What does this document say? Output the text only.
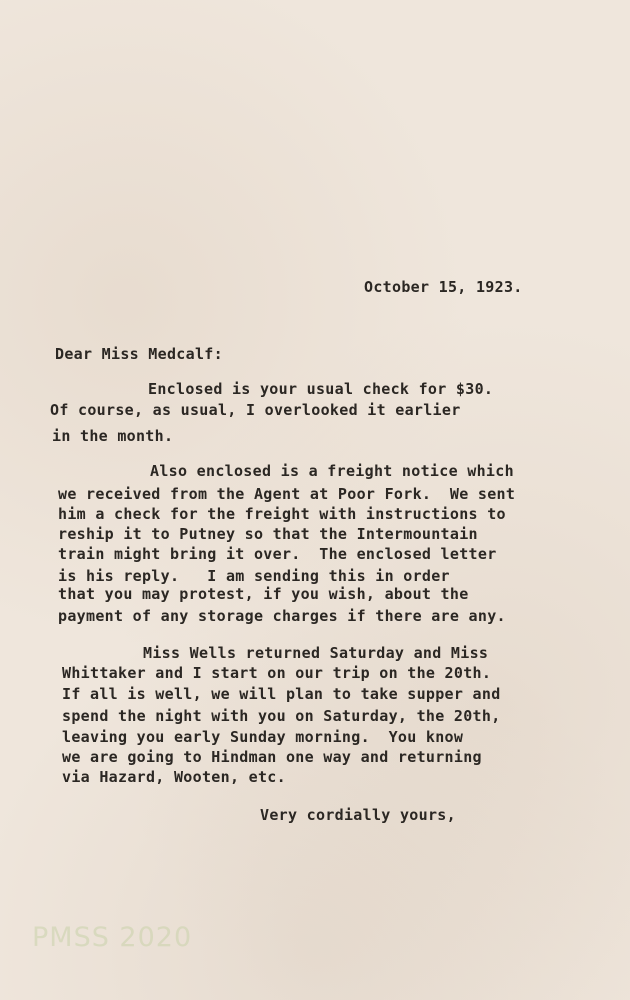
October 15, 1923.
Dear Miss Medcalf:
Enclosed is your usual check for $30.
Of course, as usual, I overlooked it earlier
in the month.
Also enclosed is a freight notice which
we received from the Agent at Poor Fork.  We sent
him a check for the freight with instructions to
reship it to Putney so that the Intermountain
train might bring it over.  The enclosed letter
is his reply.   I am sending this in order
that you may protest, if you wish, about the
payment of any storage charges if there are any.
Miss Wells returned Saturday and Miss
Whittaker and I start on our trip on the 20th.
If all is well, we will plan to take supper and
spend the night with you on Saturday, the 20th,
leaving you early Sunday morning.  You know
we are going to Hindman one way and returning
via Hazard, Wooten, etc.
Very cordially yours,
PMSS 2020
